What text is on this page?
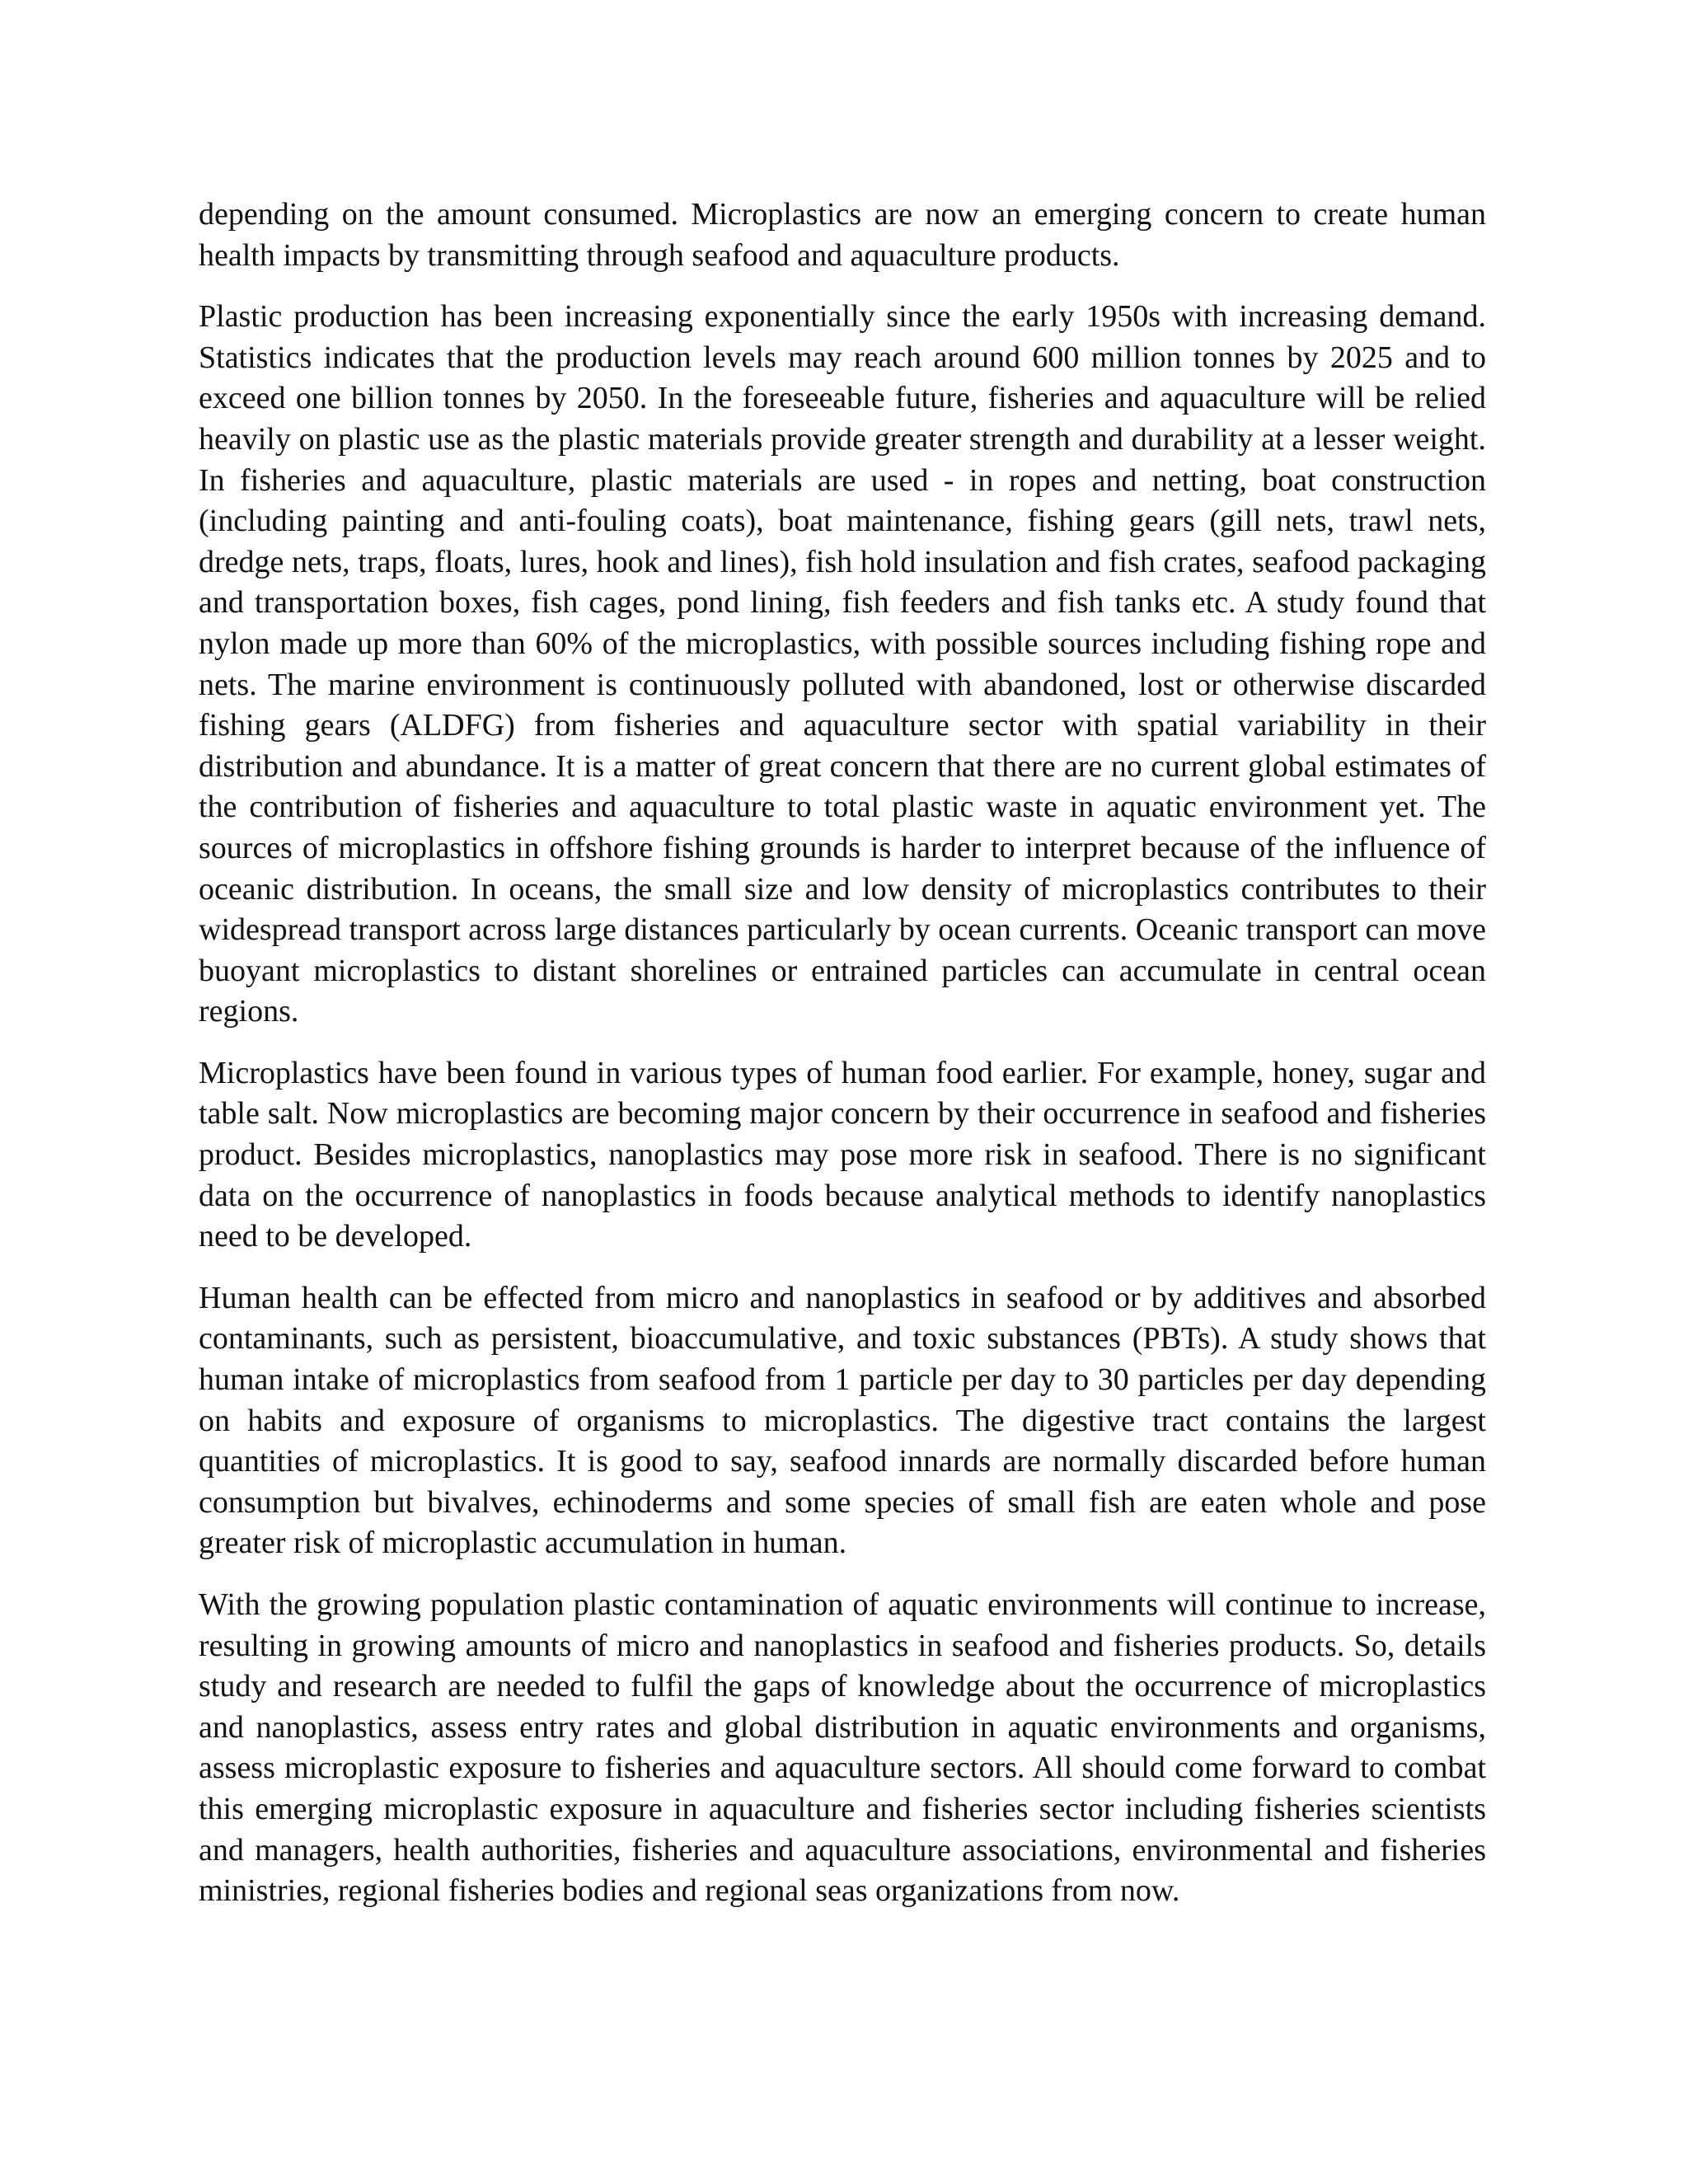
depending on the amount consumed. Microplastics are now an emerging concern to create human health impacts by transmitting through seafood and aquaculture products.

Plastic production has been increasing exponentially since the early 1950s with increasing demand. Statistics indicates that the production levels may reach around 600 million tonnes by 2025 and to exceed one billion tonnes by 2050. In the foreseeable future, fisheries and aquaculture will be relied heavily on plastic use as the plastic materials provide greater strength and durability at a lesser weight. In fisheries and aquaculture, plastic materials are used - in ropes and netting, boat construction (including painting and anti-fouling coats), boat maintenance, fishing gears (gill nets, trawl nets, dredge nets, traps, floats, lures, hook and lines), fish hold insulation and fish crates, seafood packaging and transportation boxes, fish cages, pond lining, fish feeders and fish tanks etc. A study found that nylon made up more than 60% of the microplastics, with possible sources including fishing rope and nets. The marine environment is continuously polluted with abandoned, lost or otherwise discarded fishing gears (ALDFG) from fisheries and aquaculture sector with spatial variability in their distribution and abundance. It is a matter of great concern that there are no current global estimates of the contribution of fisheries and aquaculture to total plastic waste in aquatic environment yet. The sources of microplastics in offshore fishing grounds is harder to interpret because of the influence of oceanic distribution. In oceans, the small size and low density of microplastics contributes to their widespread transport across large distances particularly by ocean currents. Oceanic transport can move buoyant microplastics to distant shorelines or entrained particles can accumulate in central ocean regions.

Microplastics have been found in various types of human food earlier. For example, honey, sugar and table salt. Now microplastics are becoming major concern by their occurrence in seafood and fisheries product. Besides microplastics, nanoplastics may pose more risk in seafood. There is no significant data on the occurrence of nanoplastics in foods because analytical methods to identify nanoplastics need to be developed.

Human health can be effected from micro and nanoplastics in seafood or by additives and absorbed contaminants, such as persistent, bioaccumulative, and toxic substances (PBTs). A study shows that human intake of microplastics from seafood from 1 particle per day to 30 particles per day depending on habits and exposure of organisms to microplastics. The digestive tract contains the largest quantities of microplastics. It is good to say, seafood innards are normally discarded before human consumption but bivalves, echinoderms and some species of small fish are eaten whole and pose greater risk of microplastic accumulation in human.

With the growing population plastic contamination of aquatic environments will continue to increase, resulting in growing amounts of micro and nanoplastics in seafood and fisheries products. So, details study and research are needed to fulfil the gaps of knowledge about the occurrence of microplastics and nanoplastics, assess entry rates and global distribution in aquatic environments and organisms, assess microplastic exposure to fisheries and aquaculture sectors. All should come forward to combat this emerging microplastic exposure in aquaculture and fisheries sector including fisheries scientists and managers, health authorities, fisheries and aquaculture associations, environmental and fisheries ministries, regional fisheries bodies and regional seas organizations from now.
